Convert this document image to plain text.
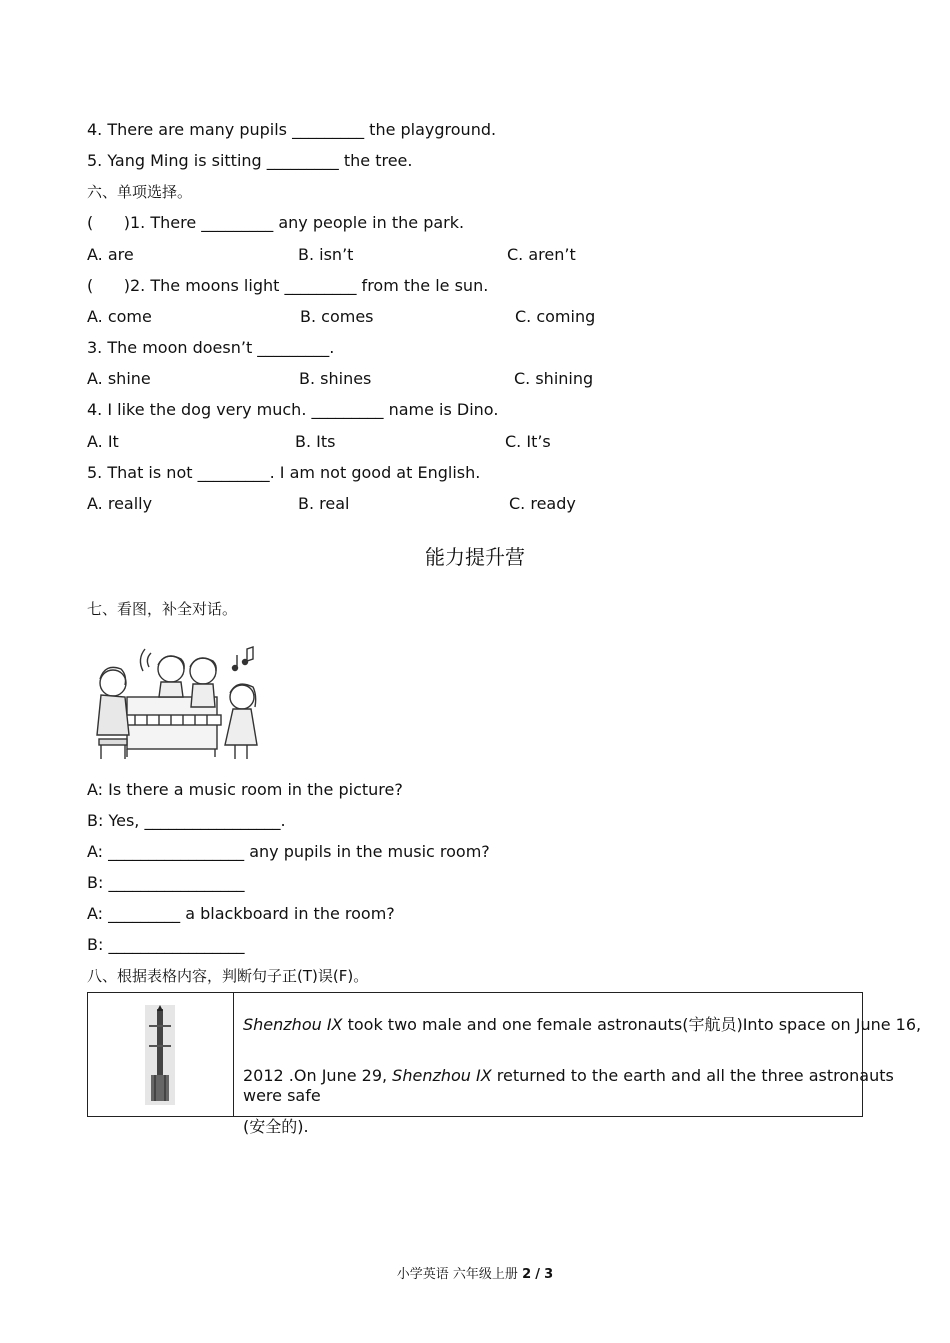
4. There are many pupils _________ the playground.
5. Yang Ming is sitting _________ the tree.
六、单项选择。
(      )1. There _________ any people in the park.
A. are	B. isn’t	C. aren’t
(      )2. The moons light _________ from the le sun.
A. come	B. comes	C. coming
3. The moon doesn’t _________.
A. shine	B. shines	C. shining
4. I like the dog very much. _________ name is Dino.
A. It	B. Its	C. It’s
5. That is not _________. I am not good at English.
A. really	B. real	C. ready
能力提升营
七、看图，补全对话。
A: Is there a music room in the picture?
B: Yes, _________________.
A: _________________ any pupils in the music room?
B: _________________
A: _________ a blackboard in the room?
B: _________________
八、根据表格内容，判断句子正(T)误(F)。
Shenzhou IX took two male and one female astronauts(宇航员)Into space on June 16,
2012 .On June 29, Shenzhou IX returned to the earth and all the three astronauts were safe
(安全的).
小学英语 六年级上册 2 / 3
